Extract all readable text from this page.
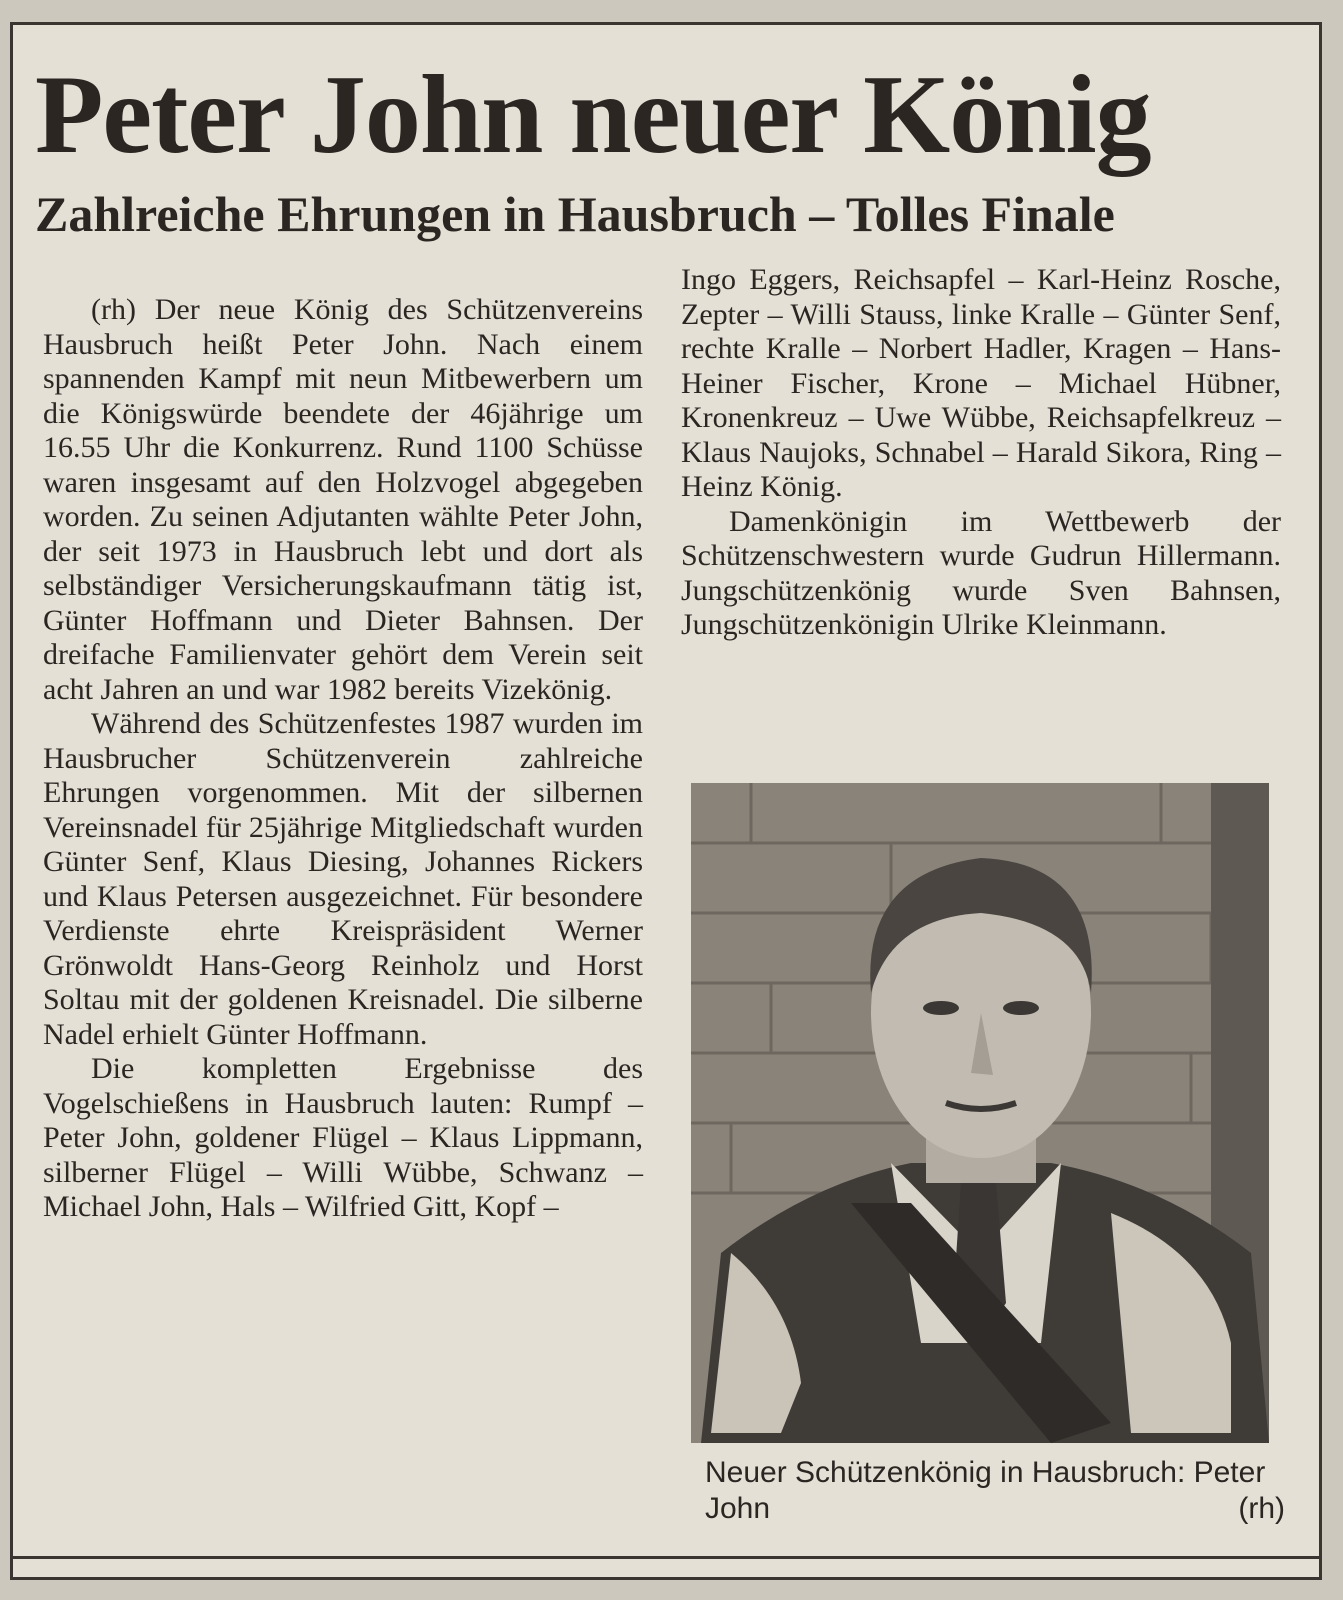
Peter John neuer König
Zahlreiche Ehrungen in Hausbruch – Tolles Finale

(rh) Der neue König des Schützenvereins Hausbruch heißt Peter John. Nach einem spannenden Kampf mit neun Mitbewerbern um die Königswürde beendete der 46jährige um 16.55 Uhr die Konkurrenz. Rund 1100 Schüsse waren insgesamt auf den Holzvogel abgegeben worden. Zu seinen Adjutanten wählte Peter John, der seit 1973 in Hausbruch lebt und dort als selbständiger Versicherungskaufmann tätig ist, Günter Hoffmann und Dieter Bahnsen. Der dreifache Familienvater gehört dem Verein seit acht Jahren an und war 1982 bereits Vizekönig.

Während des Schützenfestes 1987 wurden im Hausbrucher Schützenverein zahlreiche Ehrungen vorgenommen. Mit der silbernen Vereinsnadel für 25jährige Mitgliedschaft wurden Günter Senf, Klaus Diesing, Johannes Rickers und Klaus Petersen ausgezeichnet. Für besondere Verdienste ehrte Kreispräsident Werner Grönwoldt Hans-Georg Reinholz und Horst Soltau mit der goldenen Kreisnadel. Die silberne Nadel erhielt Günter Hoffmann.

Die kompletten Ergebnisse des Vogelschießens in Hausbruch lauten: Rumpf – Peter John, goldener Flügel – Klaus Lippmann, silberner Flügel – Willi Wübbe, Schwanz – Michael John, Hals – Wilfried Gitt, Kopf –

Ingo Eggers, Reichsapfel – Karl-Heinz Rosche, Zepter – Willi Stauss, linke Kralle – Günter Senf, rechte Kralle – Norbert Hadler, Kragen – Hans-Heiner Fischer, Krone – Michael Hübner, Kronenkreuz – Uwe Wübbe, Reichsapfelkreuz – Klaus Naujoks, Schnabel – Harald Sikora, Ring – Heinz König.

Damenkönigin im Wettbewerb der Schützenschwestern wurde Gudrun Hillermann. Jungschützenkönig wurde Sven Bahnsen, Jungschützenkönigin Ulrike Kleinmann.

Neuer Schützenkönig in Hausbruch: Peter John	(rh)
